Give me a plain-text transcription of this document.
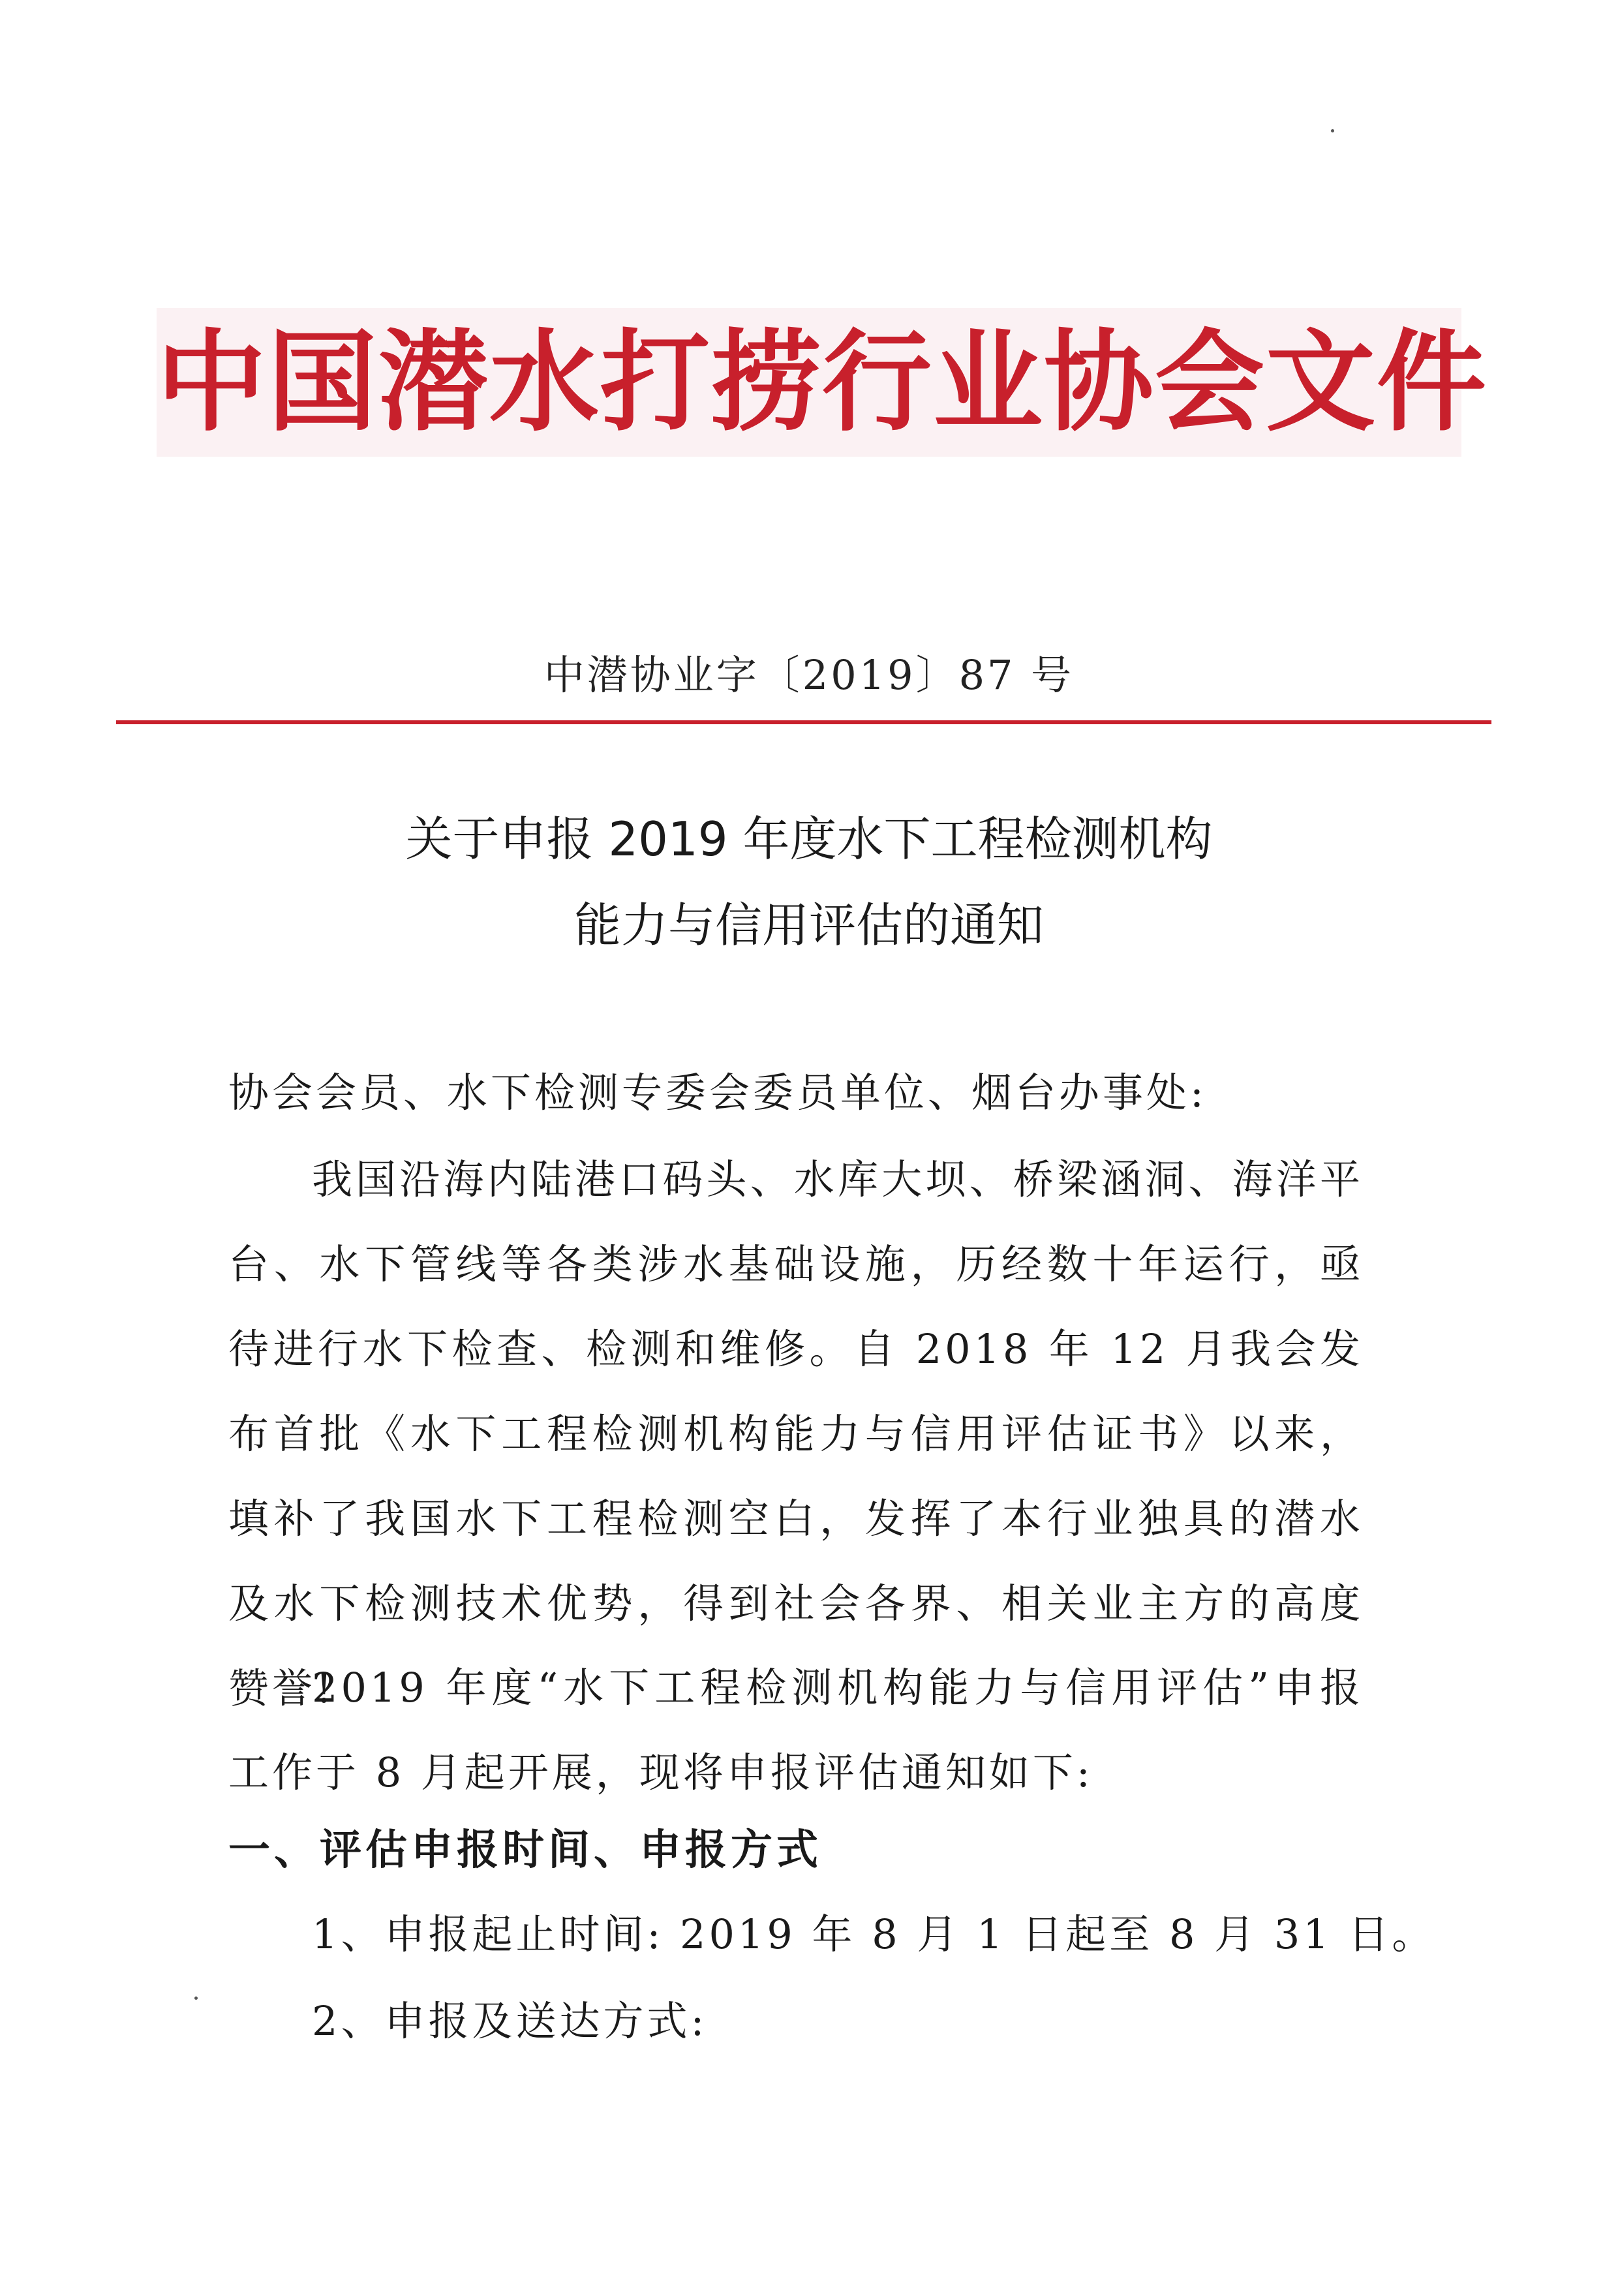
中国潜水打捞行业协会文件
中潜协业字〔2019〕87 号
关于申报 2019 年度水下工程检测机构
能力与信用评估的通知

协会会员、水下检测专委会委员单位、烟台办事处:

我国沿海内陆港口码头、水库大坝、桥梁涵洞、海洋平台、水下管线等各类涉水基础设施，历经数十年运行，亟待进行水下检查、检测和维修。自 2018 年 12 月我会发布首批《水下工程检测机构能力与信用评估证书》以来，填补了我国水下工程检测空白，发挥了本行业独具的潜水及水下检测技术优势，得到社会各界、相关业主方的高度赞誉!

2019 年度“水下工程检测机构能力与信用评估”申报工作于 8 月起开展，现将申报评估通知如下:

一、评估申报时间、申报方式
1、申报起止时间: 2019 年 8 月 1 日起至 8 月 31 日。
2、申报及送达方式:
